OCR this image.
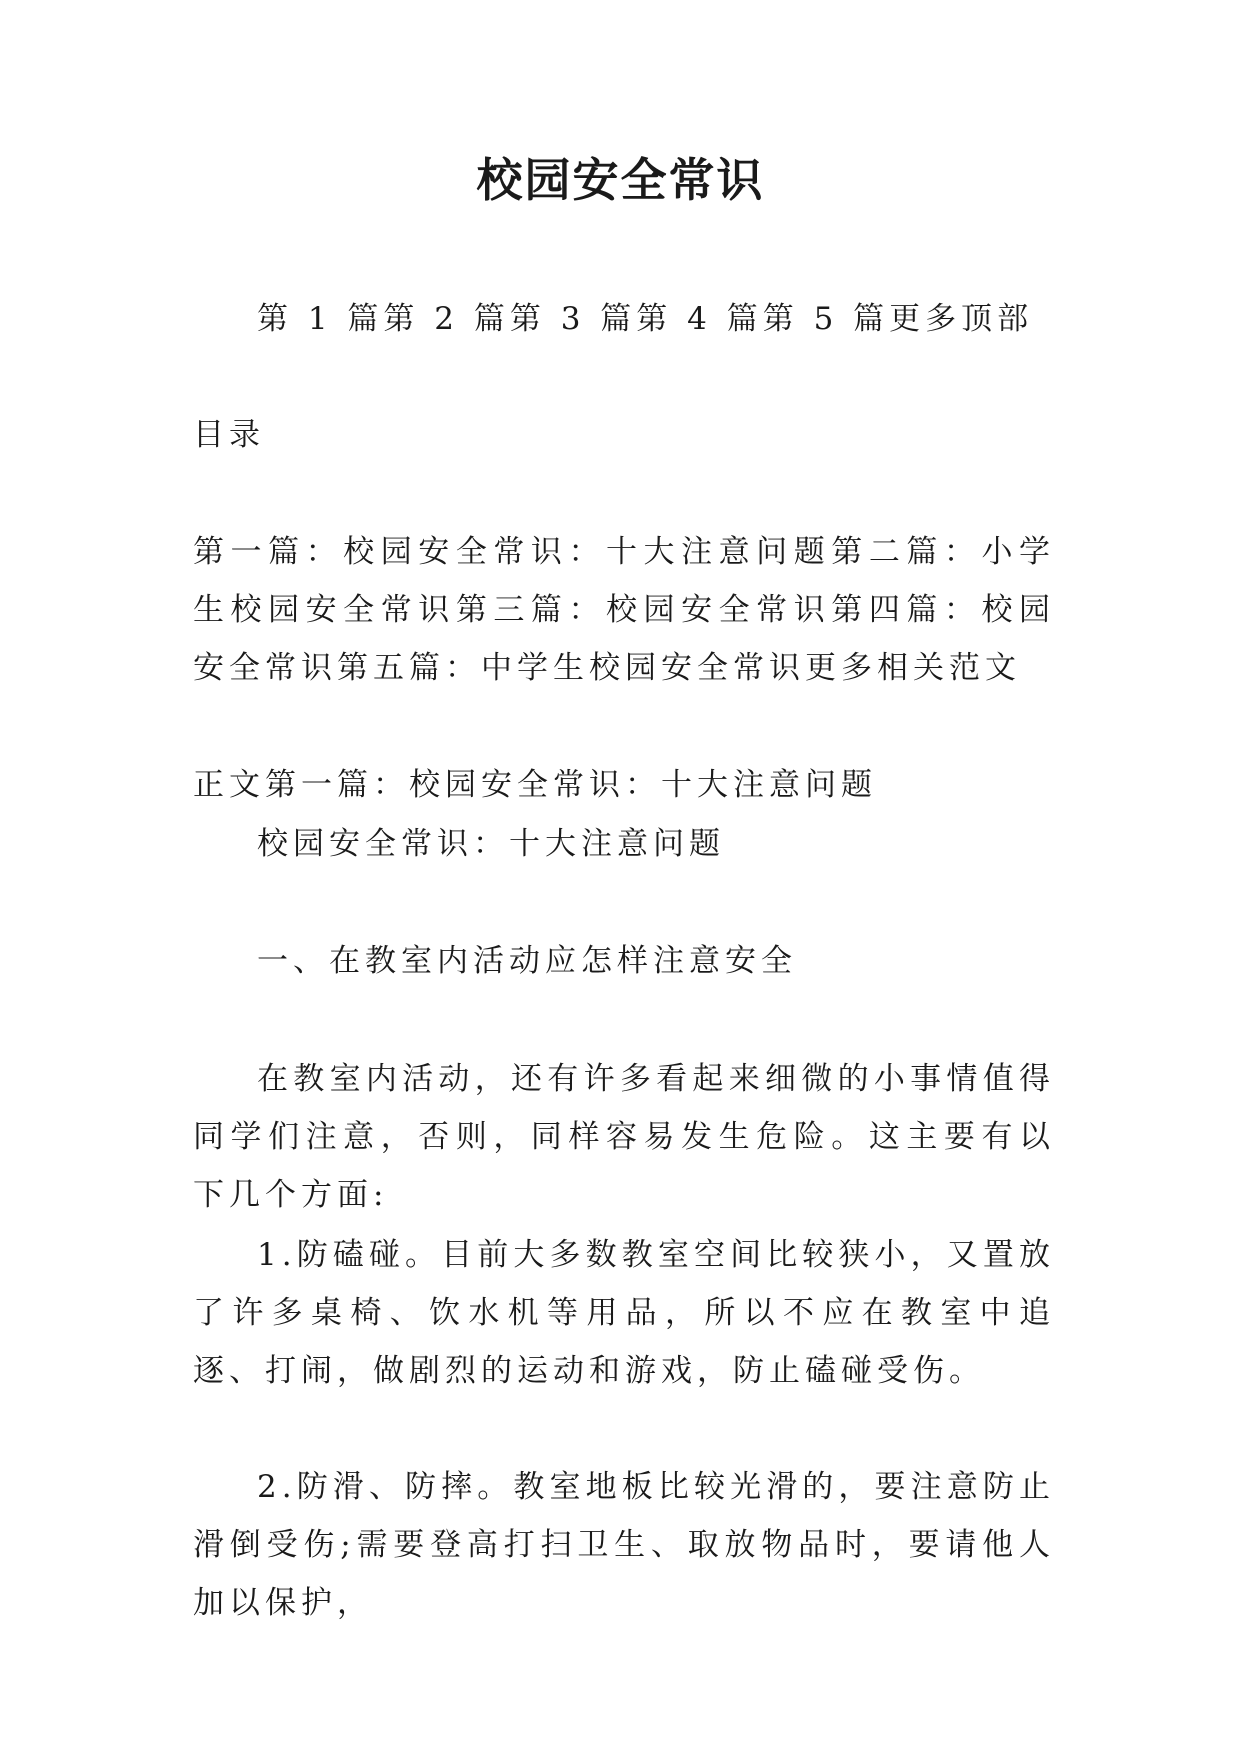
校园安全常识
第 1 篇第 2 篇第 3 篇第 4 篇第 5 篇更多顶部
目录
第一篇：校园安全常识：十大注意问题第二篇：小学生校园安全常识第三篇：校园安全常识第四篇：校园安全常识第五篇：中学生校园安全常识更多相关范文
正文第一篇：校园安全常识：十大注意问题
校园安全常识：十大注意问题
一、在教室内活动应怎样注意安全
在教室内活动，还有许多看起来细微的小事情值得同学们注意，否则，同样容易发生危险。这主要有以下几个方面:
1.防磕碰。目前大多数教室空间比较狭小，又置放了许多桌椅、饮水机等用品，所以不应在教室中追逐、打闹，做剧烈的运动和游戏，防止磕碰受伤。
2.防滑、防摔。教室地板比较光滑的，要注意防止滑倒受伤;需要登高打扫卫生、取放物品时，要请他人加以保护，
